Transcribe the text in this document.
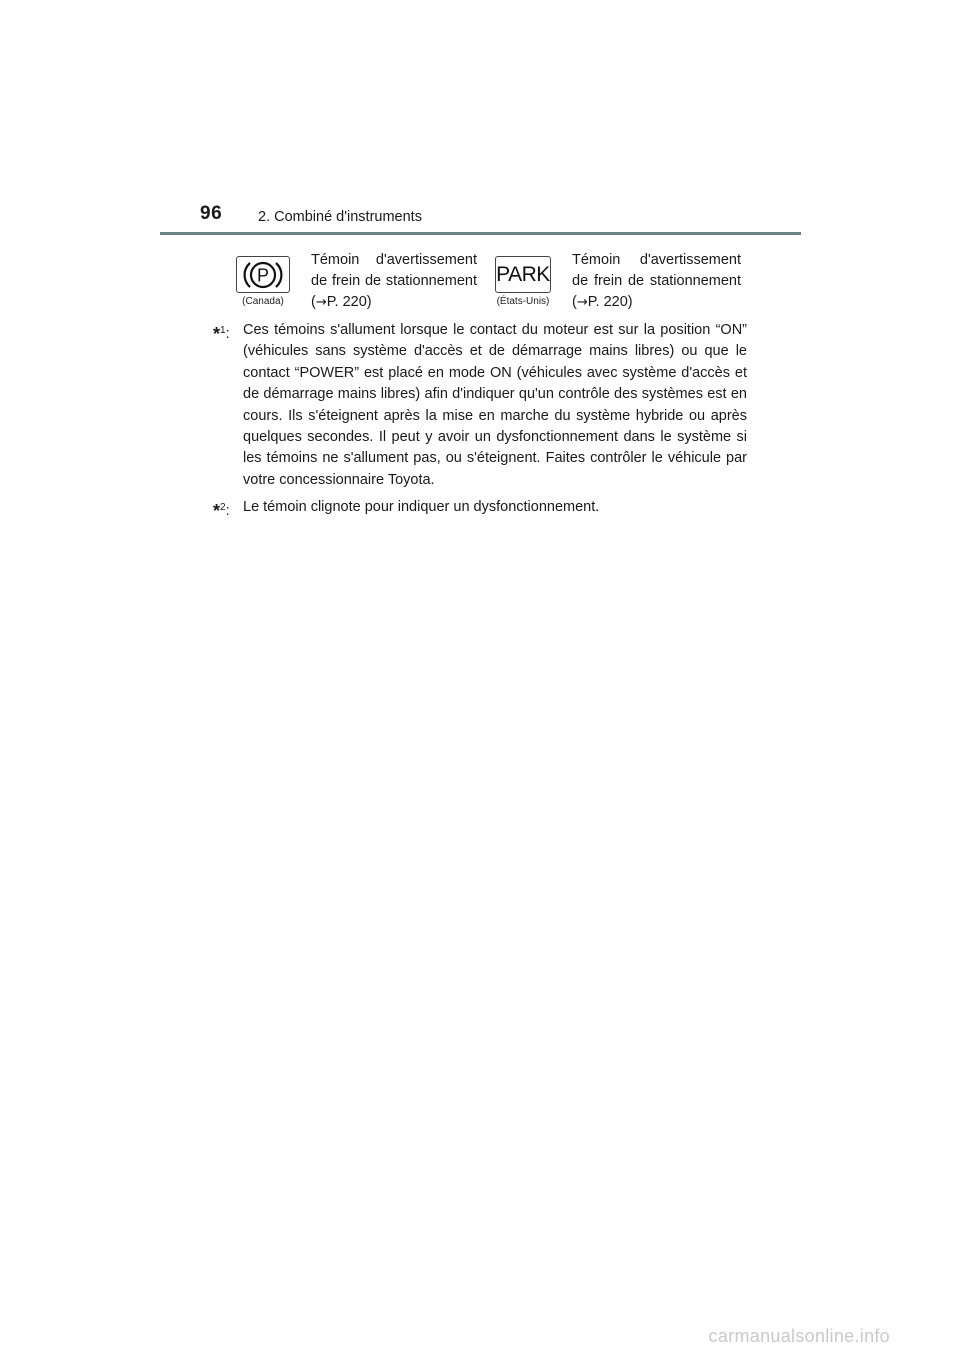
96 2. Combiné d'instruments
P
(Canada)
Témoin d'avertissement de frein de stationnement (→P. 220)
PARK
(États-Unis)
Témoin d'avertissement de frein de stationnement (→P. 220)
*$^1$: Ces témoins s'allument lorsque le contact du moteur est sur la position “ON” (véhicules sans système d'accès et de démarrage mains libres) ou que le contact “POWER” est placé en mode ON (véhicules avec système d'accès et de démarrage mains libres) afin d'indiquer qu'un contrôle des systèmes est en cours. Ils s'éteignent après la mise en marche du système hybride ou après quelques secondes. Il peut y avoir un dysfonctionnement dans le système si les témoins ne s'allument pas, ou s'éteignent. Faites contrôler le véhicule par votre concessionnaire Toyota.
*$^2$: Le témoin clignote pour indiquer un dysfonctionnement.
carmanualsonline.info
